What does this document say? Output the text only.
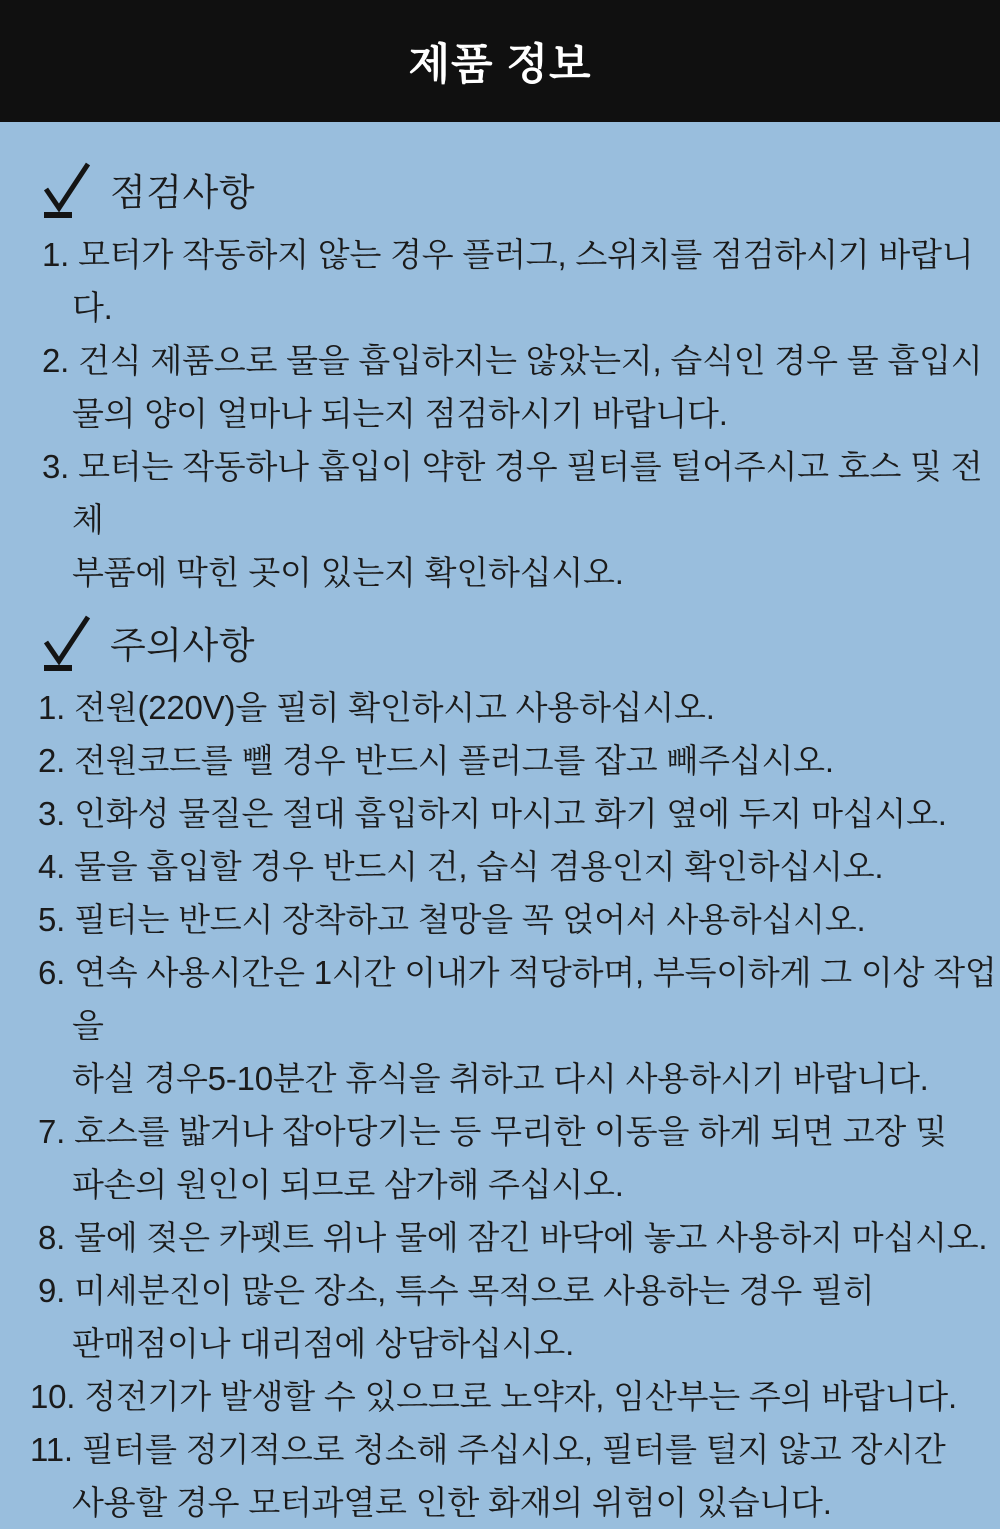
제품 정보
점검사항
1. 모터가 작동하지 않는 경우 플러그, 스위치를 점검하시기 바랍니다.
2. 건식 제품으로 물을 흡입하지는 않았는지, 습식인 경우 물 흡입시
물의 양이 얼마나 되는지 점검하시기 바랍니다.
3. 모터는 작동하나 흡입이 약한 경우 필터를 털어주시고 호스 및 전체
부품에 막힌 곳이 있는지 확인하십시오.
주의사항
1. 전원(220V)을 필히 확인하시고 사용하십시오.
2. 전원코드를 뺄 경우 반드시 플러그를 잡고 빼주십시오.
3. 인화성 물질은 절대 흡입하지 마시고 화기 옆에 두지 마십시오.
4. 물을 흡입할 경우 반드시 건, 습식 겸용인지 확인하십시오.
5. 필터는 반드시 장착하고 철망을 꼭 얹어서 사용하십시오.
6. 연속 사용시간은 1시간 이내가 적당하며, 부득이하게 그 이상 작업을
하실 경우5-10분간 휴식을 취하고 다시 사용하시기 바랍니다.
7. 호스를 밟거나 잡아당기는 등 무리한 이동을 하게 되면 고장 및
파손의 원인이 되므로 삼가해 주십시오.
8. 물에 젖은 카펫트 위나 물에 잠긴 바닥에 놓고 사용하지 마십시오.
9. 미세분진이 많은 장소, 특수 목적으로 사용하는 경우 필히
판매점이나 대리점에 상담하십시오.
10. 정전기가 발생할 수 있으므로 노약자, 임산부는 주의 바랍니다.
11. 필터를 정기적으로 청소해 주십시오, 필터를 털지 않고 장시간
사용할 경우 모터과열로 인한 화재의 위험이 있습니다.
